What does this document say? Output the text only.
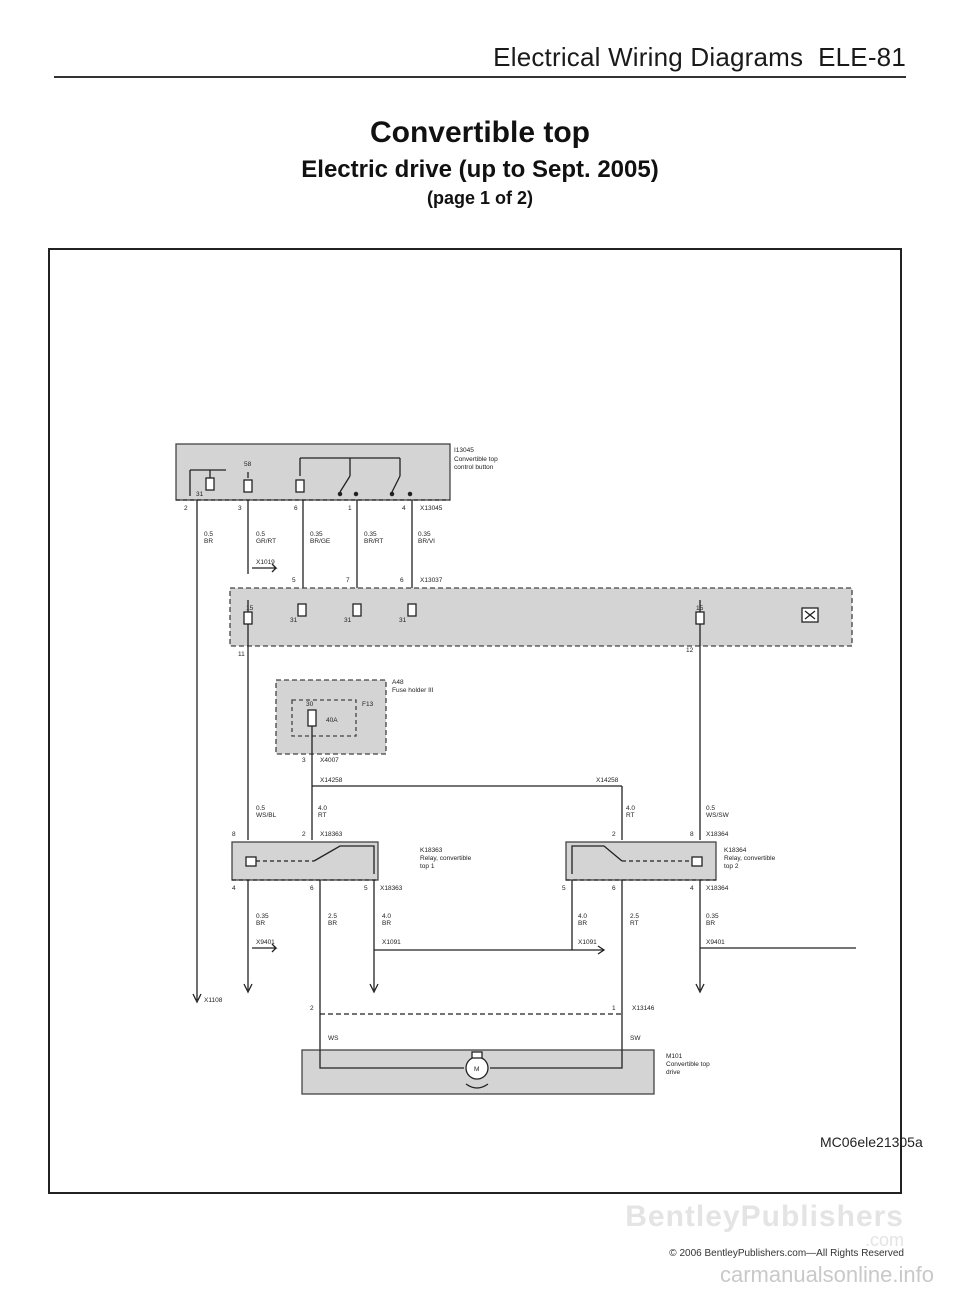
Electrical Wiring Diagrams ELE-81
Convertible top
Electric drive (up to Sept. 2005)
(page 1 of 2)
I13045
Convertible top
control button
58
31
2	3	6	1	4 X13045
0.5
BR
0.5
GR/RT
0.35
BR/GE
0.35
BR/RT
0.35
BR/VI
X1019
5	7	6	X13037
15
31	31	31
15
11
12
A48
Fuse holder III
F13
30
40A
3 X4007
X14258	X14258
0.5
WS/BL
4.0
RT
4.0
RT
0.5
WS/SW
8	2 X18363	2	8 X18364
K18363
Relay, convertible
top 1
K18364
Relay, convertible
top 2
4	6	5 X18363	5	6	4 X18364
0.35
BR
2.5
BR
4.0
BR
4.0
BR
2.5
RT
0.35
BR
X9401	X1091	X1091	X9401
2	1	X13146
X1108
WS	SW
M
M101
Convertible top
drive
MC06ele21305a
BentleyPublishers
.com
© 2006 BentleyPublishers.com—All Rights Reserved
carmanualsonline.info
